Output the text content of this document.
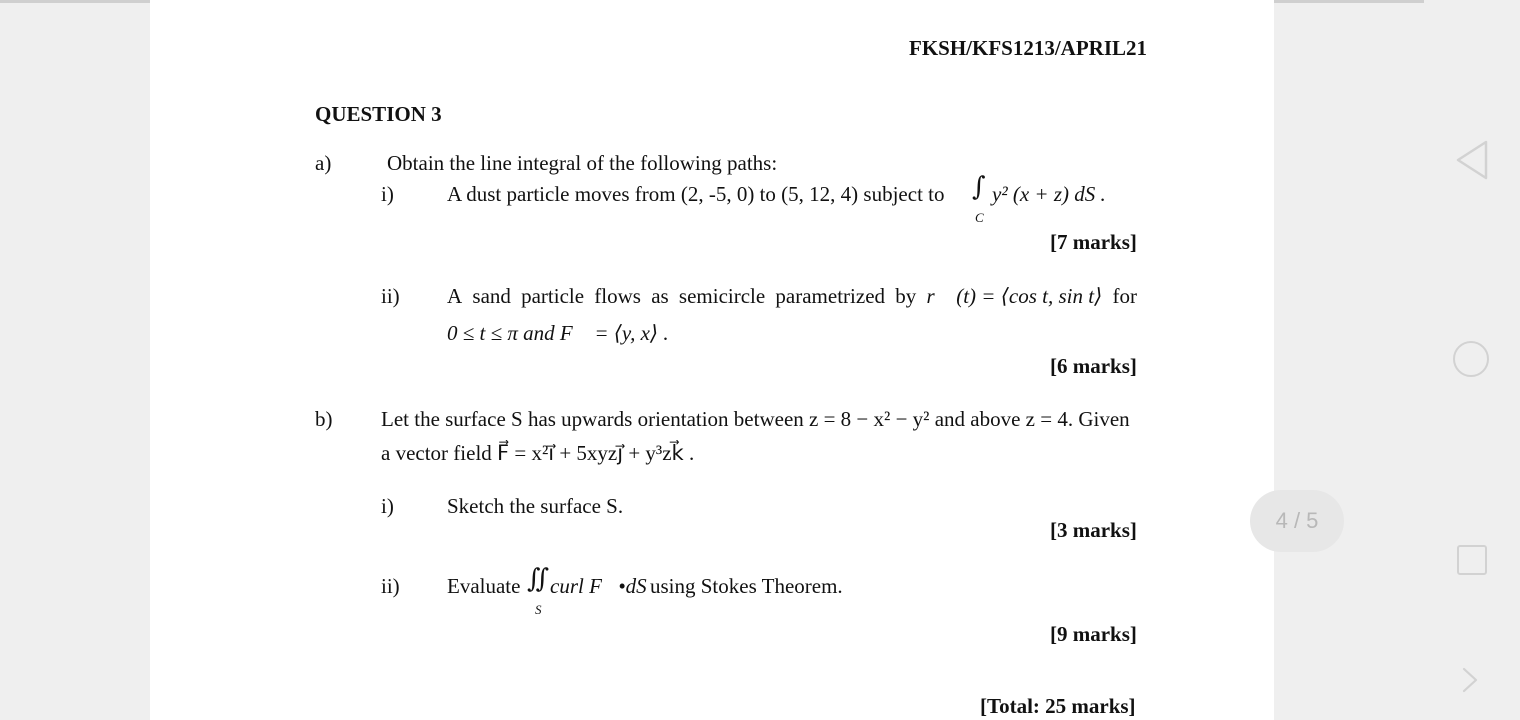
FKSH/KFS1213/APRIL21
QUESTION 3
a)	Obtain the line integral of the following paths:
i)	A dust particle moves from (2, -5, 0) to (5, 12, 4) subject to ∫
C
y² (x + z) dS .
[7 marks]
ii) A sand particle flows as semicircle parametrized by r⃗ (t) = ⟨cos t, sin t⟩ for
0 ≤ t ≤ π and F⃗ = ⟨y, x⟩ .
[6 marks]
b) Let the surface S has upwards orientation between z = 8 − x² − y² and above z = 4. Given
a vector field F⃗ = x²i⃗ + 5xyzj⃗ + y³zk⃗ .
i)	Sketch the surface S.
[3 marks]
ii) Evaluate ∬
S
curl F⃗•dS⃗
using Stokes Theorem.
[9 marks]
[Total: 25 marks]
4 / 5
